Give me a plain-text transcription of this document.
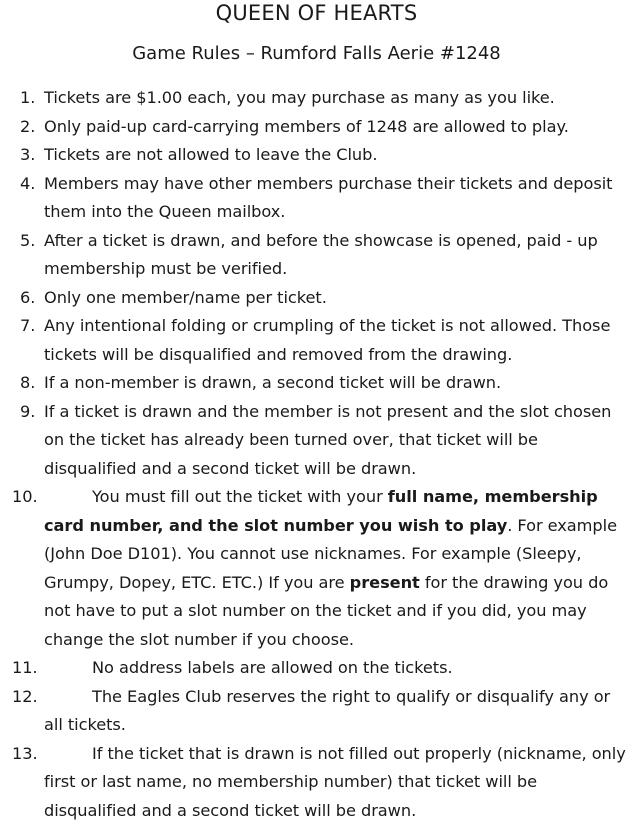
QUEEN OF HEARTS
Game Rules – Rumford Falls Aerie #1248
1. Tickets are $1.00 each, you may purchase as many as you like.
2. Only paid-up card-carrying members of 1248 are allowed to play.
3. Tickets are not allowed to leave the Club.
4. Members may have other members purchase their tickets and deposit them into the Queen mailbox.
5. After a ticket is drawn, and before the showcase is opened, paid - up membership must be verified.
6. Only one member/name per ticket.
7. Any intentional folding or crumpling of the ticket is not allowed. Those tickets will be disqualified and removed from the drawing.
8. If a non-member is drawn, a second ticket will be drawn.
9. If a ticket is drawn and the member is not present and the slot chosen on the ticket has already been turned over, that ticket will be disqualified and a second ticket will be drawn.
10.	You must fill out the ticket with your full name, membership card number, and the slot number you wish to play. For example (John Doe D101). You cannot use nicknames. For example (Sleepy, Grumpy, Dopey, ETC. ETC.) If you are present for the drawing you do not have to put a slot number on the ticket and if you did, you may change the slot number if you choose.
11.	No address labels are allowed on the tickets.
12.	The Eagles Club reserves the right to qualify or disqualify any or all tickets.
13.	If the ticket that is drawn is not filled out properly (nickname, only first or last name, no membership number) that ticket will be disqualified and a second ticket will be drawn.
